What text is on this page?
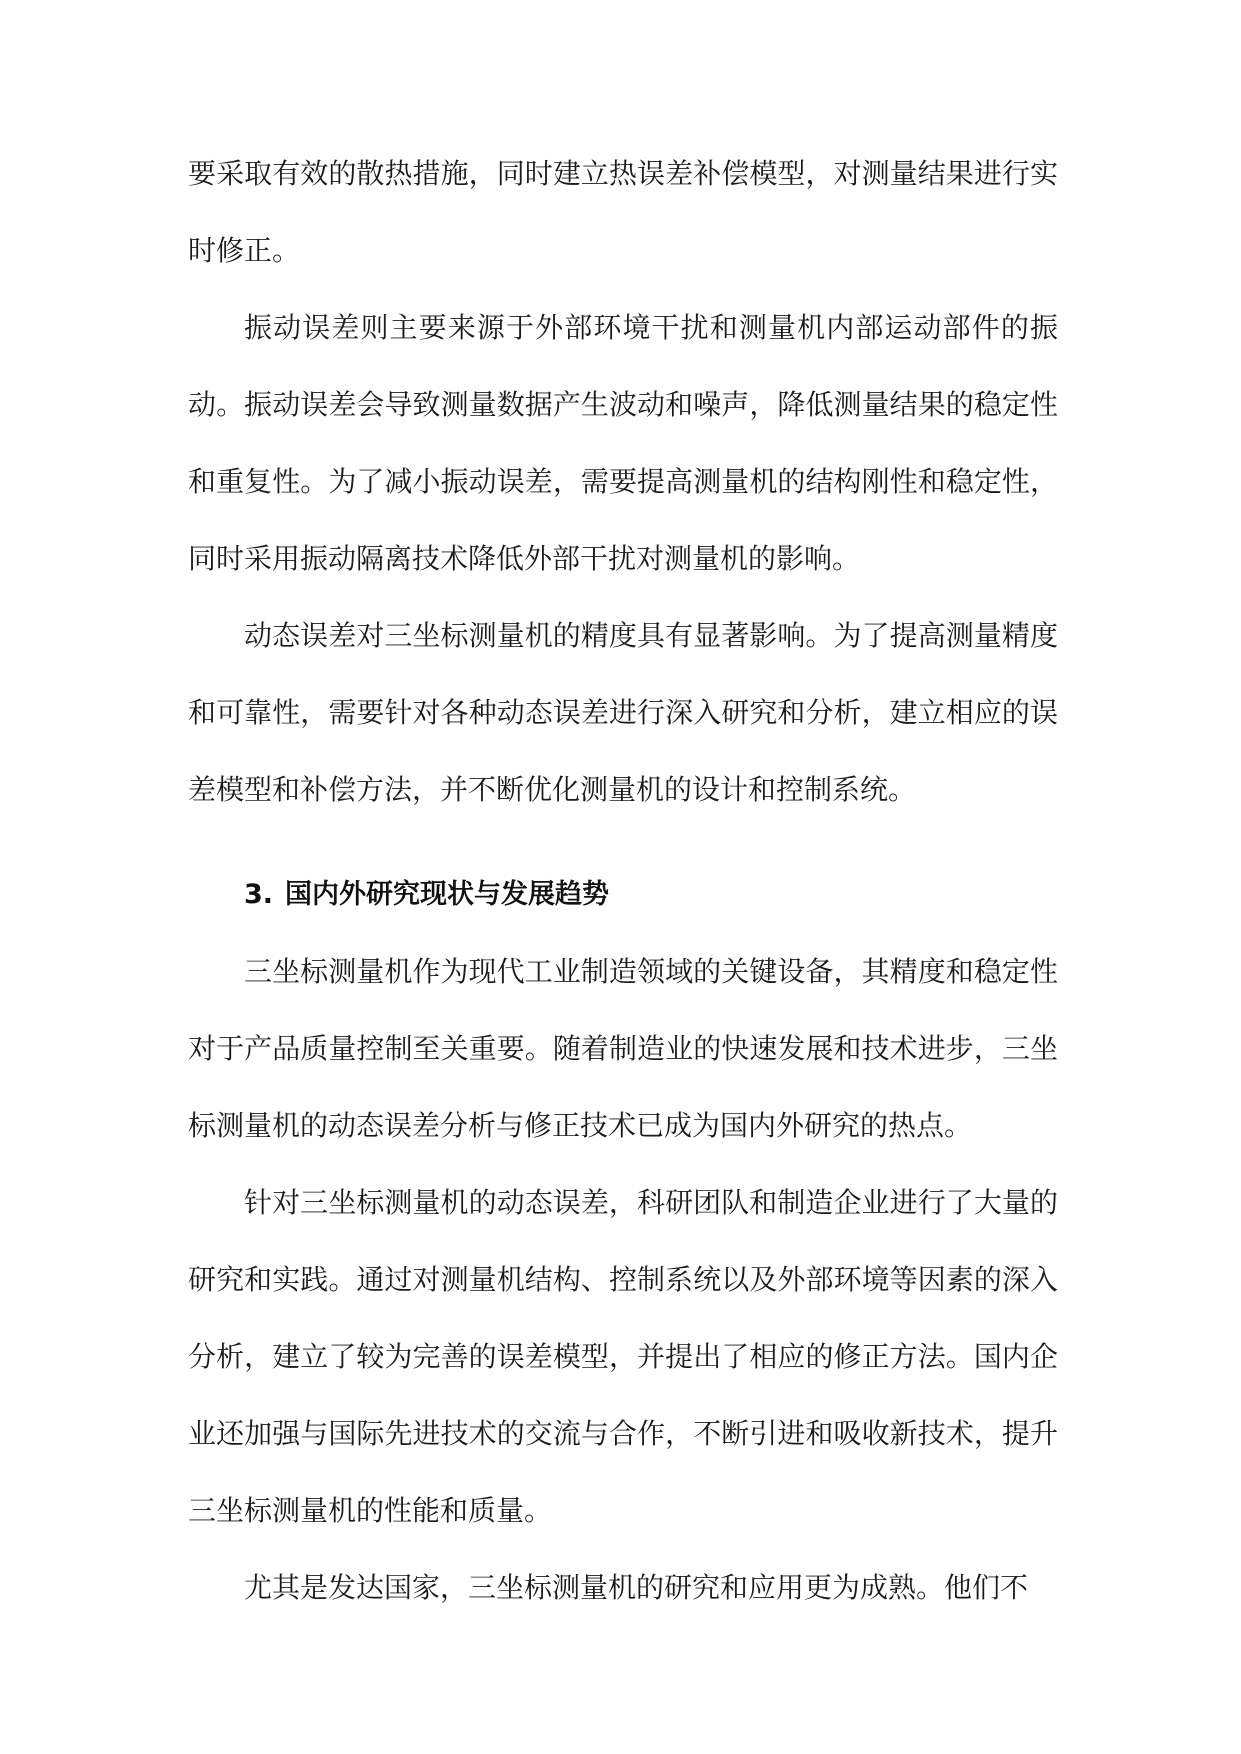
要采取有效的散热措施，同时建立热误差补偿模型，对测量结果进行实时修正。

振动误差则主要来源于外部环境干扰和测量机内部运动部件的振动。振动误差会导致测量数据产生波动和噪声，降低测量结果的稳定性和重复性。为了减小振动误差，需要提高测量机的结构刚性和稳定性，同时采用振动隔离技术降低外部干扰对测量机的影响。

动态误差对三坐标测量机的精度具有显著影响。为了提高测量精度和可靠性，需要针对各种动态误差进行深入研究和分析，建立相应的误差模型和补偿方法，并不断优化测量机的设计和控制系统。

3. 国内外研究现状与发展趋势

三坐标测量机作为现代工业制造领域的关键设备，其精度和稳定性对于产品质量控制至关重要。随着制造业的快速发展和技术进步，三坐标测量机的动态误差分析与修正技术已成为国内外研究的热点。

针对三坐标测量机的动态误差，科研团队和制造企业进行了大量的研究和实践。通过对测量机结构、控制系统以及外部环境等因素的深入分析，建立了较为完善的误差模型，并提出了相应的修正方法。国内企业还加强与国际先进技术的交流与合作，不断引进和吸收新技术，提升三坐标测量机的性能和质量。

尤其是发达国家，三坐标测量机的研究和应用更为成熟。他们不
